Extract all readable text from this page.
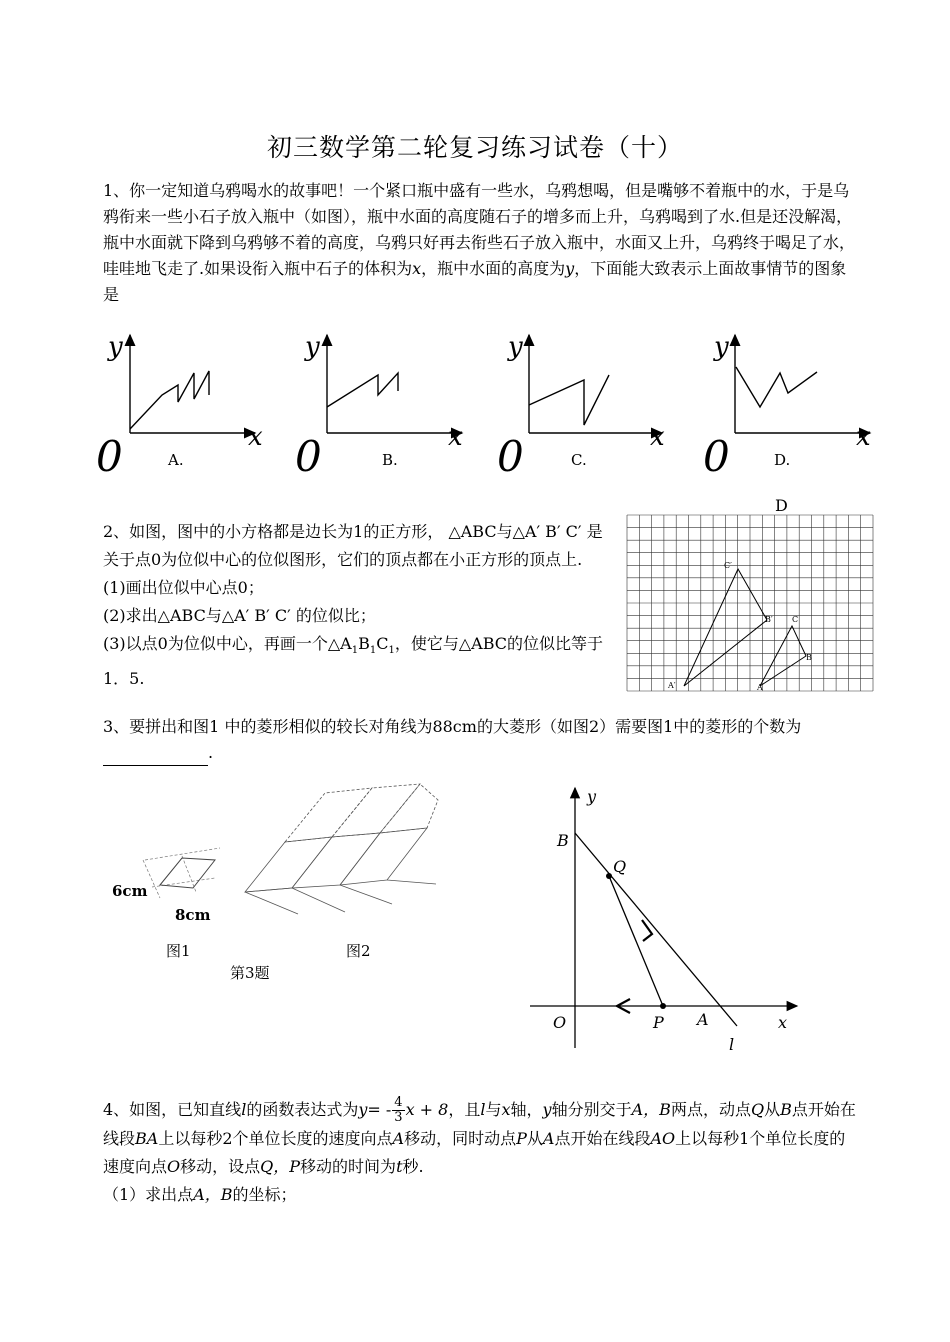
初三数学第二轮复习练习试卷（十）
1、你一定知道乌鸦喝水的故事吧！一个紧口瓶中盛有一些水，乌鸦想喝，但是嘴够不着瓶中的水，于是乌鸦衔来一些小石子放入瓶中（如图），瓶中水面的高度随石子的增多而上升，乌鸦喝到了水.但是还没解渴，瓶中水面就下降到乌鸦够不着的高度，乌鸦只好再去衔些石子放入瓶中，水面又上升，乌鸦终于喝足了水，哇哇地飞走了.如果设衔入瓶中石子的体积为x，瓶中水面的高度为y，下面能大致表示上面故事情节的图象是
y
x
y
x
y
x
y
x
0	0	0	0
A.	B.	C.	D.
D
2、如图，图中的小方格都是边长为1的正方形， △ABC与△A′ B′ C′ 是关于点0为位似中心的位似图形，它们的顶点都在小正方形的顶点上.
(1)画出位似中心点0；
(2)求出△ABC与△A′ B′ C′ 的位似比；
(3)以点0为位似中心，再画一个$\triangle A_1B_1C_1$，使它与△ABC的位似比等于1．5.
C′
B′
A′
C
B
A
3、要拼出和图1 中的菱形相似的较长对角线为88cm的大菱形（如图2）需要图1中的菱形的个数为.
6cm
8cm
图1	图2
第3题
y
B
Q
O	P A	x
l
4、如图，已知直线l的函数表达式为$y= - \frac{4}{3}$ x + 8，且l与x轴，y轴分别交于A，B两点，动点Q从B点开始在线段BA上以每秒2个单位长度的速度向点A移动，同时动点P从A点开始在线段AO上以每秒1个单位长度的速度向点O移动，设点Q，P移动的时间为t秒.
（1）求出点A，B的坐标；
